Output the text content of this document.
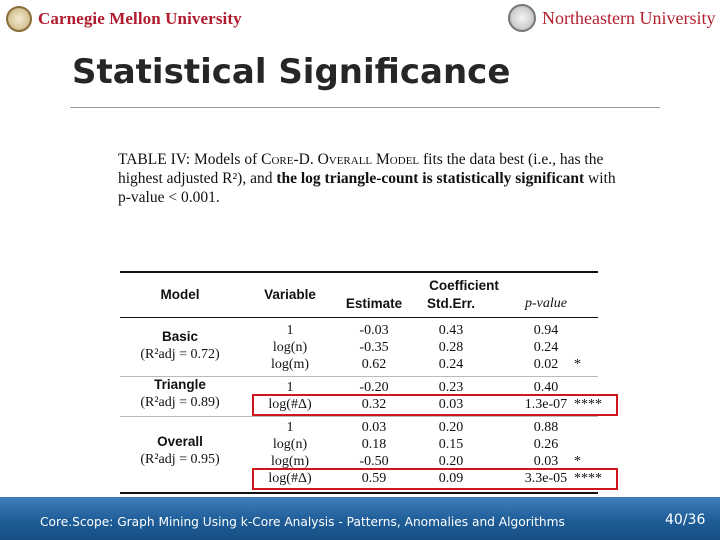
Carnegie Mellon University	Northeastern University
Statistical Significance

TABLE IV: Models of Core-D. Overall Model fits the data best (i.e., has the highest adjusted R²), and the log triangle-count is statistically significant with p-value < 0.001.

Model	Variable
Coefficient
Estimate Std.Err.	p-value
Basic
(R²adj = 0.72)
1	-0.03	0.43	0.94
log(n)	-0.35	0.28	0.24
log(m)	0.62	0.24	0.02 *
Triangle
(R²adj = 0.89)
1	-0.20	0.23	0.40
log(#Δ)	0.32	0.03	1.3e-07 ****
Overall
(R²adj = 0.95)
1	0.03	0.20	0.88
log(n)	0.18	0.15	0.26
log(m)	-0.50	0.20	0.03 *
log(#Δ)	0.59	0.09	3.3e-05 ****
Core.Scope: Graph Mining Using k-Core Analysis - Patterns, Anomalies and Algorithms	40/36
